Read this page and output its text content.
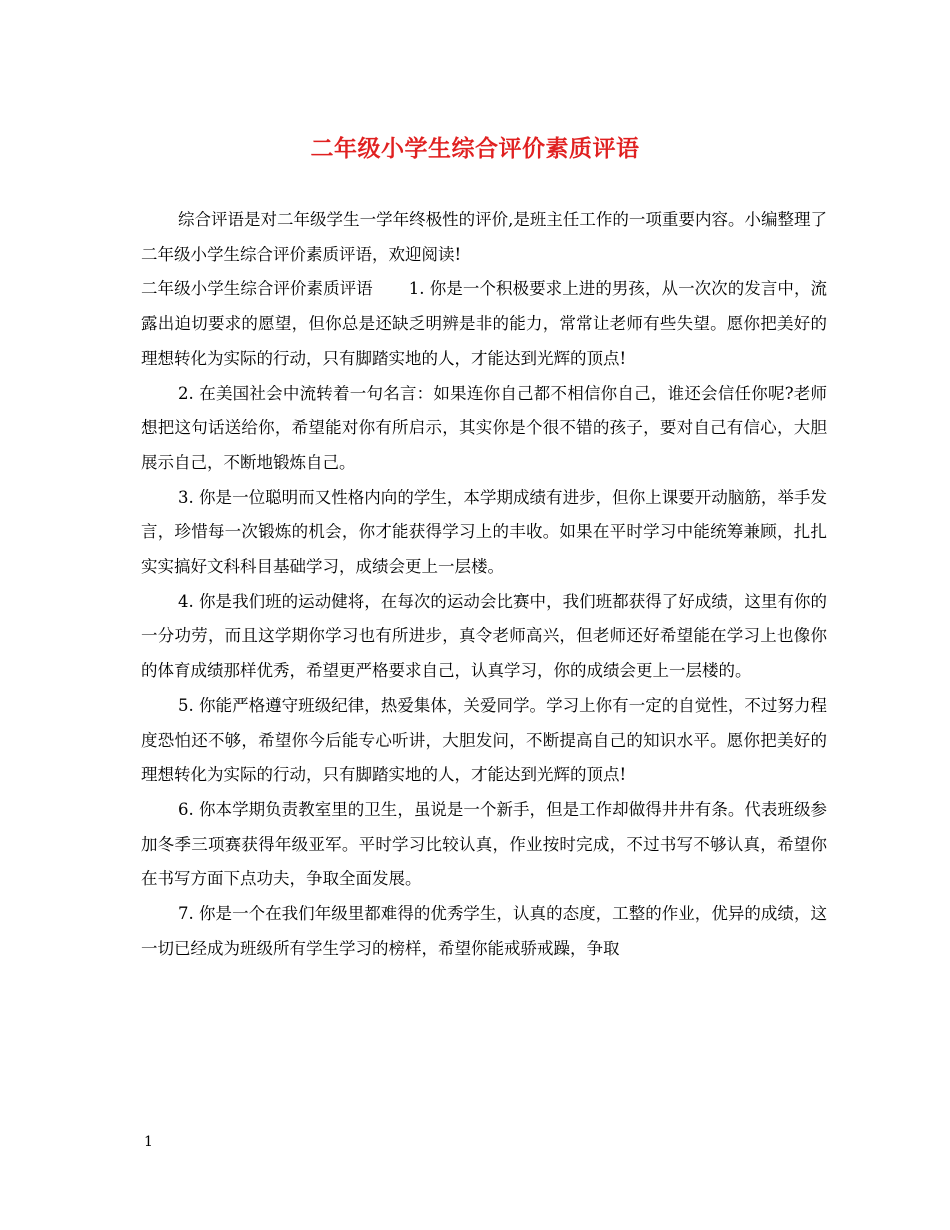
二年级小学生综合评价素质评语

综合评语是对二年级学生一学年终极性的评价,是班主任工作的一项重要内容。小编整理了二年级小学生综合评价素质评语，欢迎阅读!

二年级小学生综合评价素质评语 1. 你是一个积极要求上进的男孩，从一次次的发言中，流露出迫切要求的愿望，但你总是还缺乏明辨是非的能力，常常让老师有些失望。愿你把美好的理想转化为实际的行动，只有脚踏实地的人，才能达到光辉的顶点!

2. 在美国社会中流转着一句名言：如果连你自己都不相信你自己，谁还会信任你呢?老师想把这句话送给你，希望能对你有所启示，其实你是个很不错的孩子，要对自己有信心，大胆展示自己，不断地锻炼自己。

3. 你是一位聪明而又性格内向的学生，本学期成绩有进步，但你上课要开动脑筋，举手发言，珍惜每一次锻炼的机会，你才能获得学习上的丰收。如果在平时学习中能统筹兼顾，扎扎实实搞好文科科目基础学习，成绩会更上一层楼。

4. 你是我们班的运动健将，在每次的运动会比赛中，我们班都获得了好成绩，这里有你的一分功劳，而且这学期你学习也有所进步，真令老师高兴，但老师还好希望能在学习上也像你的体育成绩那样优秀，希望更严格要求自己，认真学习，你的成绩会更上一层楼的。

5. 你能严格遵守班级纪律，热爱集体，关爱同学。学习上你有一定的自觉性，不过努力程度恐怕还不够，希望你今后能专心听讲，大胆发问，不断提高自己的知识水平。愿你把美好的理想转化为实际的行动，只有脚踏实地的人，才能达到光辉的顶点!

6. 你本学期负责教室里的卫生，虽说是一个新手，但是工作却做得井井有条。代表班级参加冬季三项赛获得年级亚军。平时学习比较认真，作业按时完成，不过书写不够认真，希望你在书写方面下点功夫，争取全面发展。

7. 你是一个在我们年级里都难得的优秀学生，认真的态度，工整的作业，优异的成绩，这一切已经成为班级所有学生学习的榜样，希望你能戒骄戒躁，争取

1
